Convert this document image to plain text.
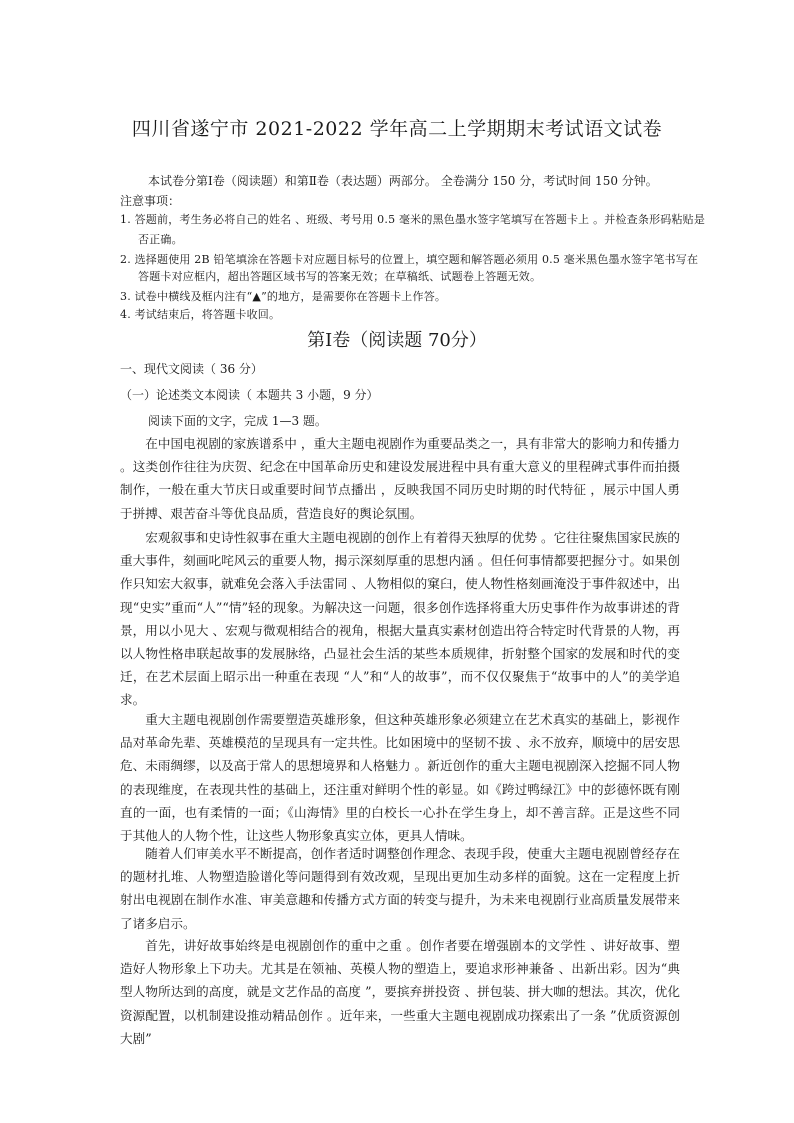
四川省遂宁市 2021-2022 学年高二上学期期末考试语文试卷
本试卷分第Ⅰ卷（阅读题）和第Ⅱ卷（表达题）两部分。 全卷满分 150 分，考试时间 150 分钟。
注意事项：
1. 答题前，考生务必将自己的姓名 、班级、考号用 0.5 毫米的黑色墨水签字笔填写在答题卡上 。并检查条形码粘贴是
否正确。
2. 选择题使用 2B 铅笔填涂在答题卡对应题目标号的位置上，填空题和解答题必须用 0.5 毫米黑色墨水签字笔书写在
答题卡对应框内，超出答题区域书写的答案无效；在草稿纸、试题卷上答题无效。
3. 试卷中横线及框内注有“▲”的地方，是需要你在答题卡上作答。
4. 考试结束后，将答题卡收回。
第Ⅰ卷（阅读题 70分）
一、现代文阅读（ 36 分）
（一）论述类文本阅读（ 本题共 3 小题，9 分）
阅读下面的文字，完成 1—3 题。

在中国电视剧的家族谱系中 ，重大主题电视剧作为重要品类之一，具有非常大的影响力和传播力 。这类创作往往为庆贺、纪念在中国革命历史和建设发展进程中具有重大意义的里程碑式事件而拍摄制作，一般在重大节庆日或重要时间节点播出 ，反映我国不同历史时期的时代特征 ，展示中国人勇于拼搏、艰苦奋斗等优良品质，营造良好的舆论氛围。

宏观叙事和史诗性叙事在重大主题电视剧的创作上有着得天独厚的优势 。它往往聚焦国家民族的重大事件，刻画叱咤风云的重要人物，揭示深刻厚重的思想内涵 。但任何事情都要把握分寸。如果创作只知宏大叙事，就难免会落入手法雷同 、人物相似的窠臼，使人物性格刻画淹没于事件叙述中，出现“史实”重而“人”“情”轻的现象。为解决这一问题，很多创作选择将重大历史事件作为故事讲述的背景，用以小见大 、宏观与微观相结合的视角，根据大量真实素材创造出符合特定时代背景的人物，再以人物性格串联起故事的发展脉络，凸显社会生活的某些本质规律，折射整个国家的发展和时代的变迁，在艺术层面上昭示出一种重在表现 “人”和“人的故事”，而不仅仅聚焦于“故事中的人”的美学追求。

重大主题电视剧创作需要塑造英雄形象，但这种英雄形象必须建立在艺术真实的基础上，影视作品对革命先辈、英雄模范的呈现具有一定共性。比如困境中的坚韧不拔 、永不放弃，顺境中的居安思危、未雨绸缪，以及高于常人的思想境界和人格魅力 。新近创作的重大主题电视剧深入挖掘不同人物的表现维度，在表现共性的基础上，还注重对鲜明个性的彰显。如《跨过鸭绿江》中的彭德怀既有刚直的一面，也有柔情的一面；《山海情》里的白校长一心扑在学生身上，却不善言辞。正是这些不同于其他人的人物个性，让这些人物形象真实立体，更具人情味。

随着人们审美水平不断提高，创作者适时调整创作理念、表现手段，使重大主题电视剧曾经存在的题材扎堆、人物塑造脸谱化等问题得到有效改观，呈现出更加生动多样的面貌。这在一定程度上折射出电视剧在制作水准、审美意趣和传播方式方面的转变与提升，为未来电视剧行业高质量发展带来了诸多启示。

首先，讲好故事始终是电视剧创作的重中之重 。创作者要在增强剧本的文学性 、讲好故事、塑造好人物形象上下功夫。尤其是在领袖、英模人物的塑造上，要追求形神兼备 、出新出彩。因为“典型人物所达到的高度，就是文艺作品的高度 ”，要摈弃拼投资 、拼包装、拼大咖的想法。其次，优化资源配置，以机制建设推动精品创作 。近年来，一些重大主题电视剧成功探索出了一条 ”优质资源创大剧”
